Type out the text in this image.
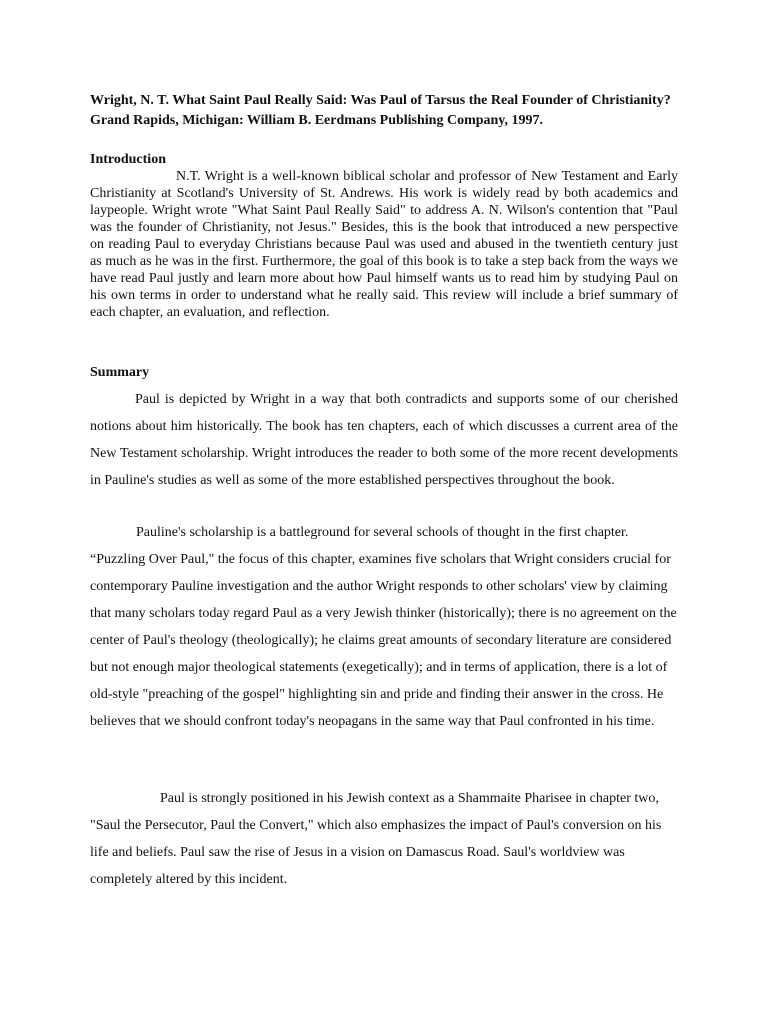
Wright, N. T. What Saint Paul Really Said: Was Paul of Tarsus the Real Founder of Christianity? Grand Rapids, Michigan: William B. Eerdmans Publishing Company, 1997.
Introduction
N.T. Wright is a well-known biblical scholar and professor of New Testament and Early Christianity at Scotland's University of St. Andrews. His work is widely read by both academics and laypeople. Wright wrote "What Saint Paul Really Said" to address A. N. Wilson's contention that "Paul was the founder of Christianity, not Jesus." Besides, this is the book that introduced a new perspective on reading Paul to everyday Christians because Paul was used and abused in the twentieth century just as much as he was in the first. Furthermore, the goal of this book is to take a step back from the ways we have read Paul justly and learn more about how Paul himself wants us to read him by studying Paul on his own terms in order to understand what he really said. This review will include a brief summary of each chapter, an evaluation, and reflection.
Summary
Paul is depicted by Wright in a way that both contradicts and supports some of our cherished notions about him historically. The book has ten chapters, each of which discusses a current area of the New Testament scholarship. Wright introduces the reader to both some of the more recent developments in Pauline's studies as well as some of the more established perspectives throughout the book.
Pauline's scholarship is a battleground for several schools of thought in the first chapter. “Puzzling Over Paul," the focus of this chapter, examines five scholars that Wright considers crucial for contemporary Pauline investigation and the author Wright responds to other scholars' view by claiming that many scholars today regard Paul as a very Jewish thinker (historically); there is no agreement on the center of Paul's theology (theologically); he claims great amounts of secondary literature are considered but not enough major theological statements (exegetically); and in terms of application, there is a lot of old-style "preaching of the gospel" highlighting sin and pride and finding their answer in the cross. He believes that we should confront today's neopagans in the same way that Paul confronted in his time.
Paul is strongly positioned in his Jewish context as a Shammaite Pharisee in chapter two, "Saul the Persecutor, Paul the Convert," which also emphasizes the impact of Paul's conversion on his life and beliefs. Paul saw the rise of Jesus in a vision on Damascus Road. Saul's worldview was completely altered by this incident.
